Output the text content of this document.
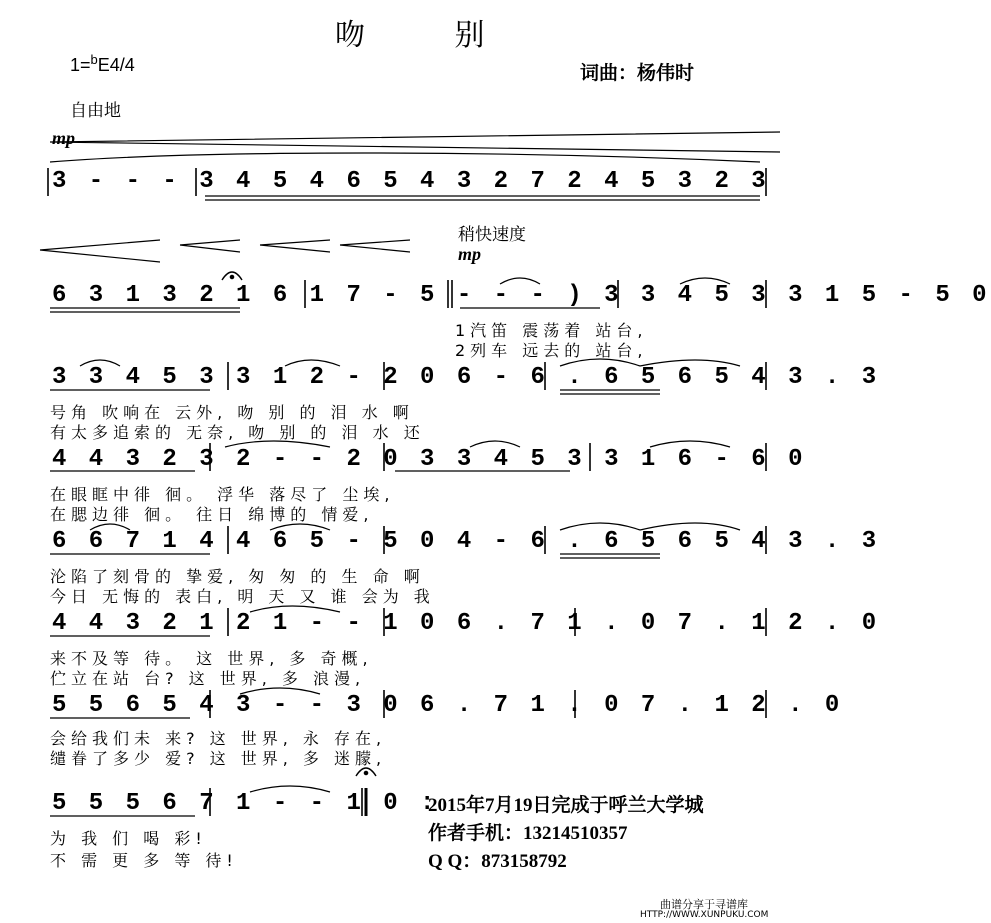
吻 别
1=$^b$E4/4	词曲：杨伟时
自由地
mp
稍快速度
mp
3 - - - 3 4 5 4 6 5 4 3 2 7 2 4 5 3 2 3
6 3 1 3 2 1 6 1 7 - 5 - - - ) 3 3 4 5 3 3 1 5 - 5 0
1汽笛 震荡着 站台,
2列车 远去的 站台,
3 3 4 5 3 3 1 2 - 2 0 6 - 6 . 6 5 6 5 4 3 . 3
号角 吹响在 云外, 吻 别 的 泪 水 啊
有太多追索的 无奈, 吻 别 的 泪 水 还
4 4 3 2 3 2 - - 2 0 3 3 4 5 3 3 1 6 - 6 0
在眼眶中徘 徊。 浮华 落尽了 尘埃,
在腮边徘 徊。 往日 绵博的 情爱,
6 6 7 1 4 4 6 5 - 5 0 4 - 6 . 6 5 6 5 4 3 . 3
沦陷了刻骨的 挚爱, 匆 匆 的 生 命 啊
今日 无悔的 表白, 明 天 又 谁 会为 我
4 4 3 2 1 2 1 - - 1 0 6 . 7 1 . 0 7 . 1 2 . 0
来不及等 待。 这 世界, 多 奇概,
伫立在站 台? 这 世界, 多 浪漫,
5 5 6 5 4 3 - - 3 0 6 . 7 1 . 0 7 . 1 2 . 0
会给我们未 来? 这 世界, 永 存在,
缱眷了多少 爱? 这 世界, 多 迷朦,
5 5 5 6 7 1 - - 1 0 :
为 我 们 喝 彩!
不 需 更 多 等 待!
2015年7月19日完成于呼兰大学城
作者手机：13214510357
Q Q：873158792
曲谱分享于寻谱库
HTTP://WWW.XUNPUKU.COM
